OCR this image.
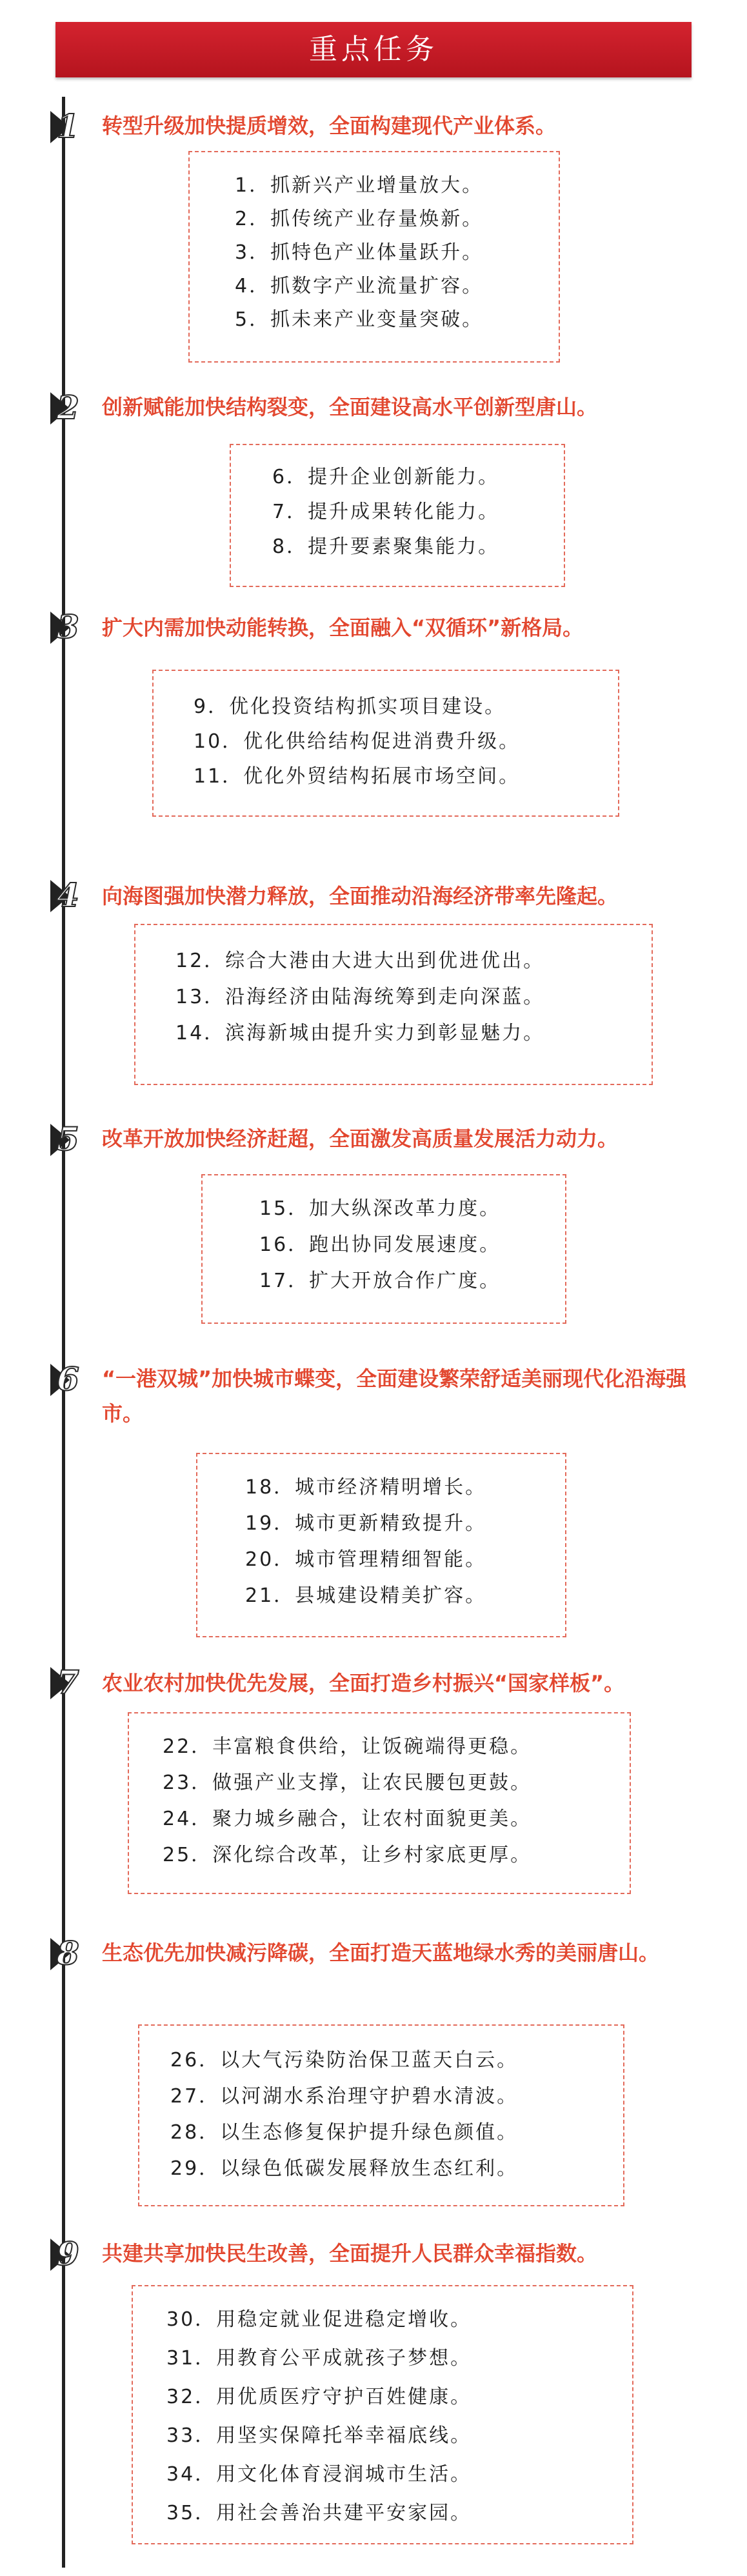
重点任务
1 转型升级加快提质增效，全面构建现代产业体系。
1．抓新兴产业增量放大。
2．抓传统产业存量焕新。
3．抓特色产业体量跃升。
4．抓数字产业流量扩容。
5．抓未来产业变量突破。
2 创新赋能加快结构裂变，全面建设高水平创新型唐山。
6．提升企业创新能力。
7．提升成果转化能力。
8．提升要素聚集能力。
3 扩大内需加快动能转换，全面融入“双循环”新格局。
9．优化投资结构抓实项目建设。
10．优化供给结构促进消费升级。
11．优化外贸结构拓展市场空间。
4 向海图强加快潜力释放，全面推动沿海经济带率先隆起。
12．综合大港由大进大出到优进优出。
13．沿海经济由陆海统筹到走向深蓝。
14．滨海新城由提升实力到彰显魅力。
5 改革开放加快经济赶超，全面激发高质量发展活力动力。
15．加大纵深改革力度。
16．跑出协同发展速度。
17．扩大开放合作广度。
6 “一港双城”加快城市蝶变，全面建设繁荣舒适美丽现代化沿海强市。
18．城市经济精明增长。
19．城市更新精致提升。
20．城市管理精细智能。
21．县城建设精美扩容。
7 农业农村加快优先发展，全面打造乡村振兴“国家样板”。
22．丰富粮食供给，让饭碗端得更稳。
23．做强产业支撑，让农民腰包更鼓。
24．聚力城乡融合，让农村面貌更美。
25．深化综合改革，让乡村家底更厚。
8 生态优先加快减污降碳，全面打造天蓝地绿水秀的美丽唐山。
26．以大气污染防治保卫蓝天白云。
27．以河湖水系治理守护碧水清波。
28．以生态修复保护提升绿色颜值。
29．以绿色低碳发展释放生态红利。
9 共建共享加快民生改善，全面提升人民群众幸福指数。
30．用稳定就业促进稳定增收。
31．用教育公平成就孩子梦想。
32．用优质医疗守护百姓健康。
33．用坚实保障托举幸福底线。
34．用文化体育浸润城市生活。
35．用社会善治共建平安家园。
